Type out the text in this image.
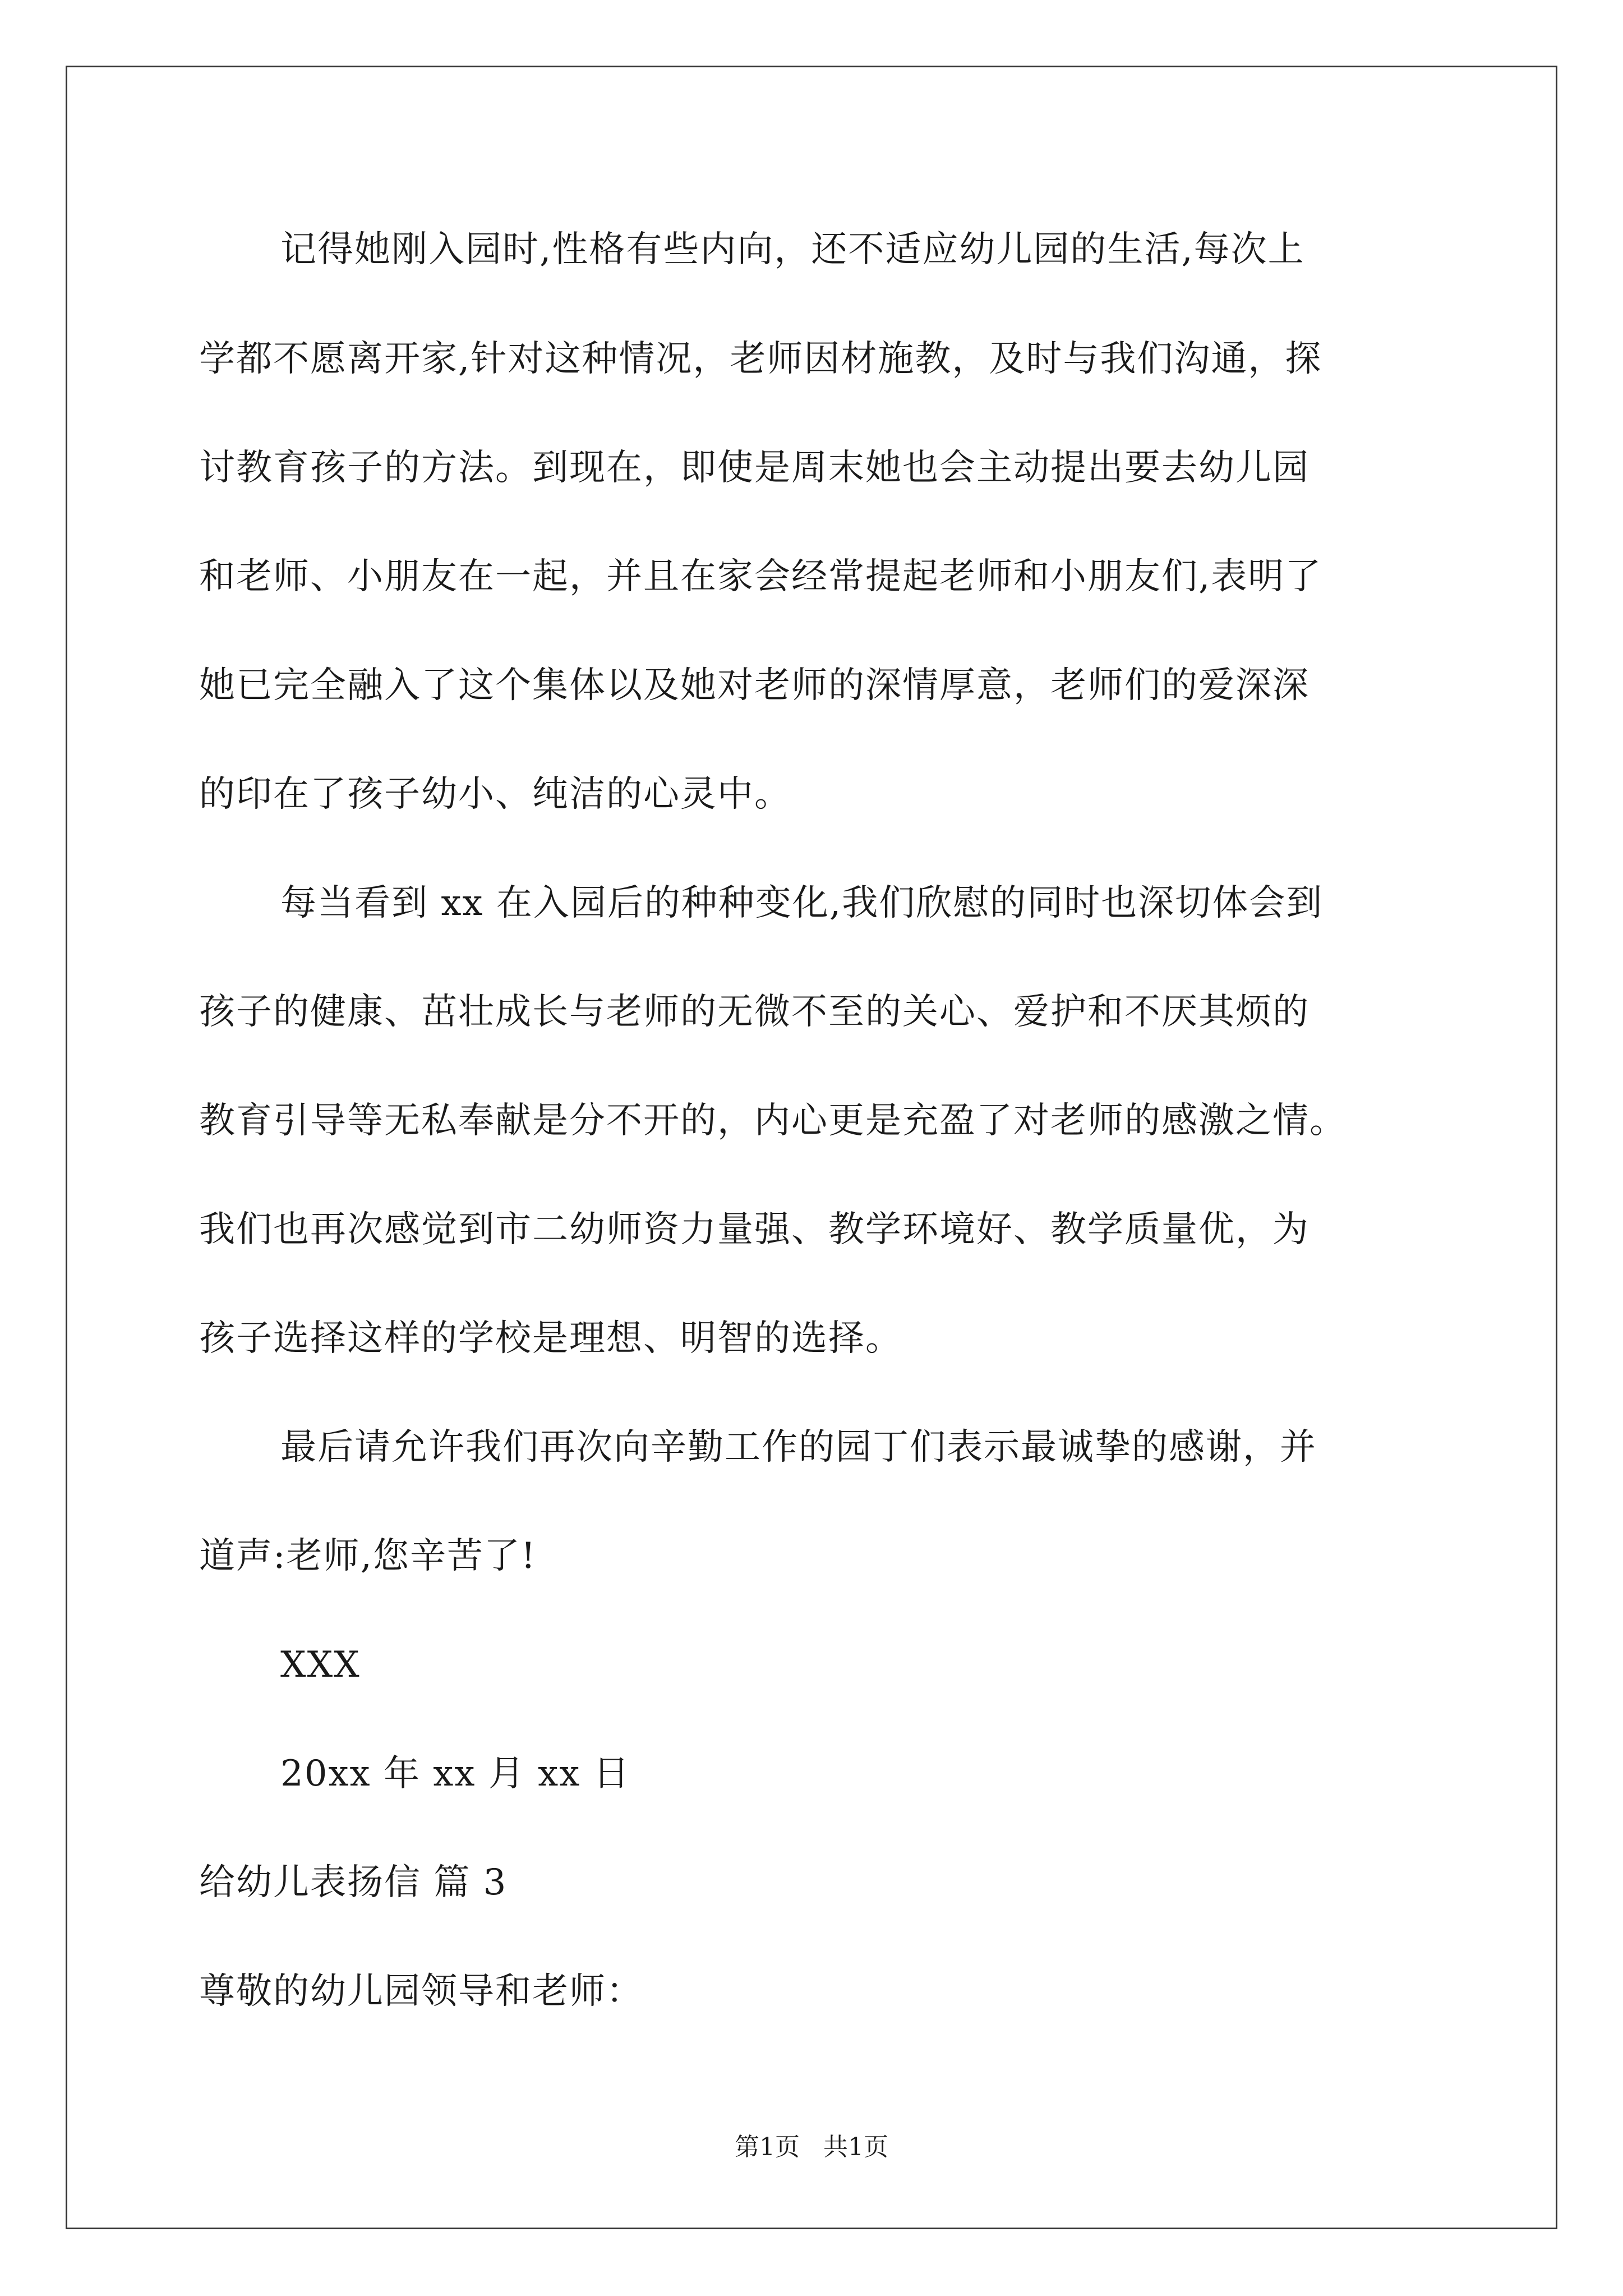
记得她刚入园时,性格有些内向，还不适应幼儿园的生活,每次上
学都不愿离开家,针对这种情况，老师因材施教，及时与我们沟通，探
讨教育孩子的方法。到现在，即使是周末她也会主动提出要去幼儿园
和老师、小朋友在一起，并且在家会经常提起老师和小朋友们,表明了
她已完全融入了这个集体以及她对老师的深情厚意，老师们的爱深深
的印在了孩子幼小、纯洁的心灵中。
每当看到 xx 在入园后的种种变化,我们欣慰的同时也深切体会到
孩子的健康、茁壮成长与老师的无微不至的关心、爱护和不厌其烦的
教育引导等无私奉献是分不开的，内心更是充盈了对老师的感激之情。
我们也再次感觉到市二幼师资力量强、教学环境好、教学质量优，为
孩子选择这样的学校是理想、明智的选择。
最后请允许我们再次向辛勤工作的园丁们表示最诚挚的感谢，并
道声:老师,您辛苦了!
XXX
20xx 年 xx 月 xx 日
给幼儿表扬信 篇 3
尊敬的幼儿园领导和老师：
第1页   共1页
